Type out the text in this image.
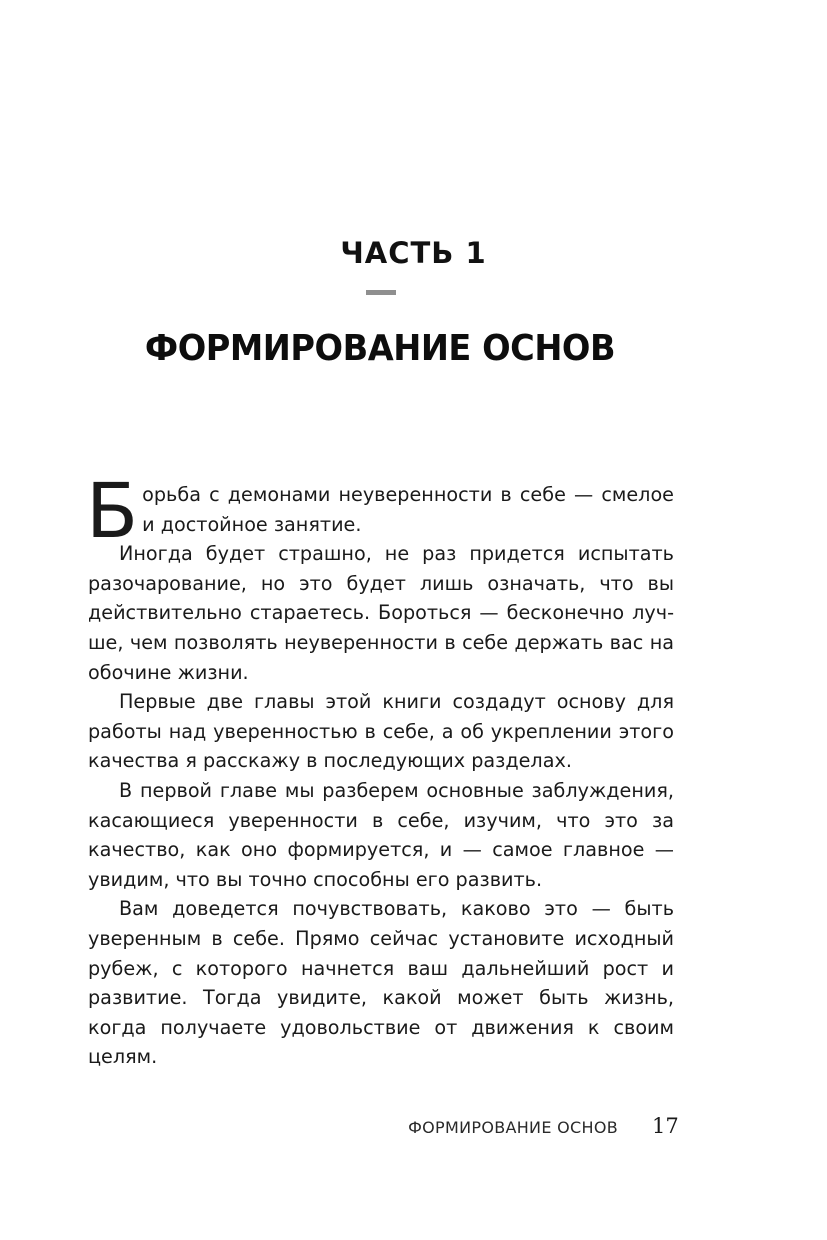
ЧАСТЬ 1
ФОРМИРОВАНИЕ ОСНОВ

Борьба с демонами неуверенности в себе — смелое и достойное занятие.

Иногда будет страшно, не раз придется испытать разочарование, но это будет лишь означать, что вы действительно стараетесь. Бороться — бесконечно лучше, чем позволять неуверенности в себе держать вас на обочине жизни.

Первые две главы этой книги создадут основу для работы над уверенностью в себе, а об укреплении этого качества я расскажу в последующих разделах.

В первой главе мы разберем основные заблуждения, касающиеся уверенности в себе, изучим, что это за качество, как оно формируется, и — самое главное — увидим, что вы точно способны его развить.

Вам доведется почувствовать, каково это — быть уверенным в себе. Прямо сейчас установите исходный рубеж, с которого начнется ваш дальнейший рост и развитие. Тогда увидите, какой может быть жизнь, когда получаете удовольствие от движения к своим целям.

ФОРМИРОВАНИЕ ОСНОВ 17
